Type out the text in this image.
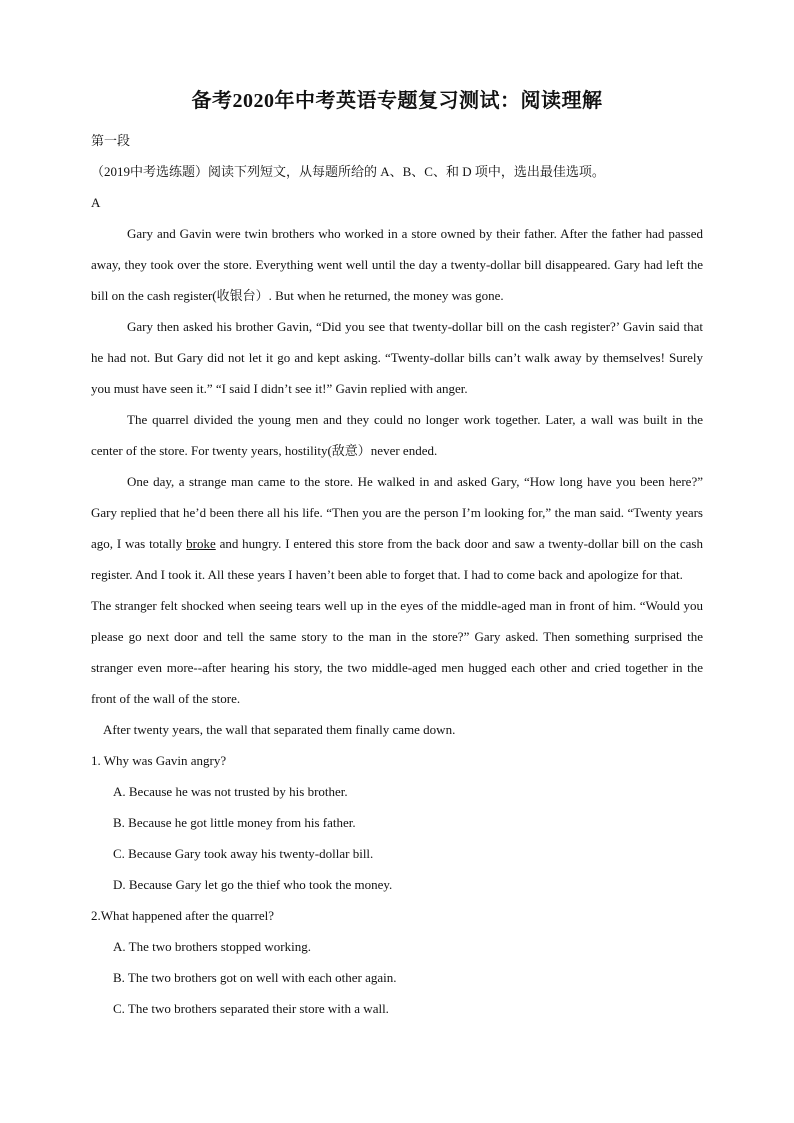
备考2020年中考英语专题复习测试：阅读理解

第一段

（2019中考选练题）阅读下列短文，从每题所给的 A、B、C、和 D 项中，选出最佳选项。

A

Gary and Gavin were twin brothers who worked in a store owned by their father. After the father had passed away, they took over the store. Everything went well until the day a twenty-dollar bill disappeared. Gary had left the bill on the cash register(收银台）. But when he returned, the money was gone.

Gary then asked his brother Gavin, “Did you see that twenty-dollar bill on the cash register?’ Gavin said that he had not. But Gary did not let it go and kept asking. “Twenty-dollar bills can’t walk away by themselves! Surely you must have seen it.” “I said I didn’t see it!” Gavin replied with anger.

The quarrel divided the young men and they could no longer work together. Later, a wall was built in the center of the store. For twenty years, hostility(敌意）never ended.

One day, a strange man came to the store. He walked in and asked Gary, “How long have you been here?” Gary replied that he’d been there all his life. “Then you are the person I’m looking for,” the man said. “Twenty years ago, I was totally broke and hungry. I entered this store from the back door and saw a twenty-dollar bill on the cash register. And I took it. All these years I haven’t been able to forget that. I had to come back and apologize for that.

The stranger felt shocked when seeing tears well up in the eyes of the middle-aged man in front of him. “Would you please go next door and tell the same story to the man in the store?” Gary asked. Then something surprised the stranger even more--after hearing his story, the two middle-aged men hugged each other and cried together in the front of the wall of the store.

After twenty years, the wall that separated them finally came down.

1. Why was Gavin angry?

A. Because he was not trusted by his brother.

B. Because he got little money from his father.

C. Because Gary took away his twenty-dollar bill.

D. Because Gary let go the thief who took the money.

2.What happened after the quarrel?

A. The two brothers stopped working.

B. The two brothers got on well with each other again.

C. The two brothers separated their store with a wall.
